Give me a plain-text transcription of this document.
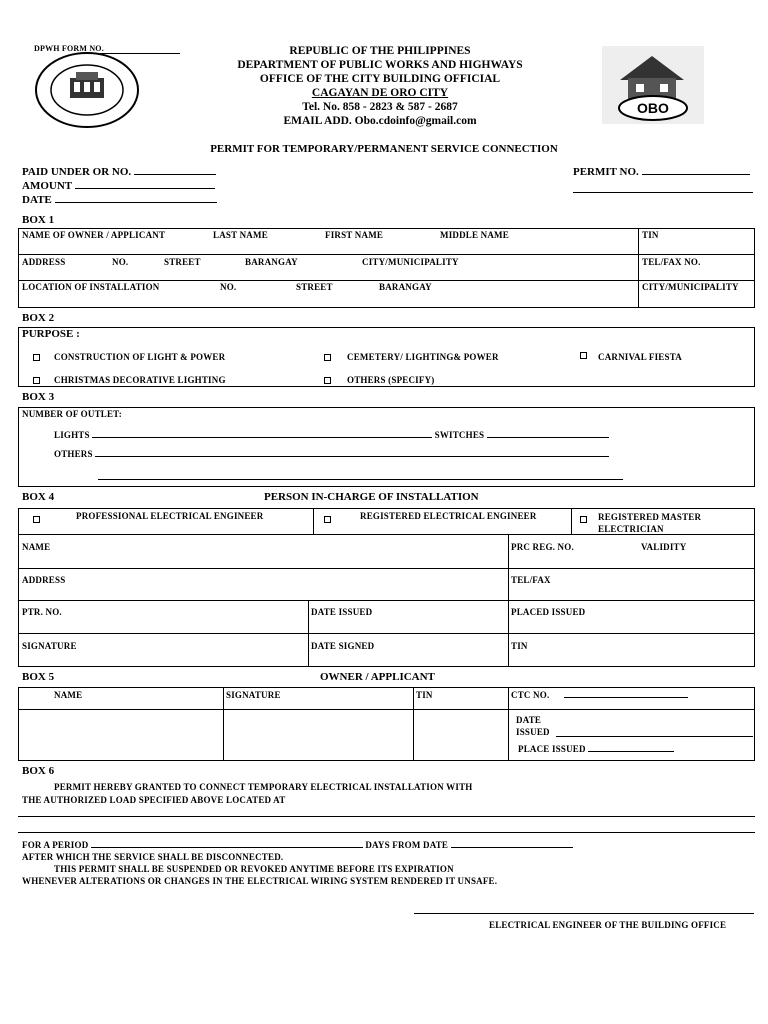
DPWH FORM NO.	REPUBLIC OF THE PHILIPPINES
DEPARTMENT OF PUBLIC WORKS AND HIGHWAYS
OFFICE OF THE CITY BUILDING OFFICIAL
CAGAYAN DE ORO CITY
Tel. No. 858 - 2823 & 587 - 2687
EMAIL ADD. Obo.cdoinfo@gmail.com
OBO
PERMIT FOR TEMPORARY/PERMANENT SERVICE CONNECTION
PAID UNDER OR NO.
AMOUNT
DATE
PERMIT NO.
BOX 1
NAME OF OWNER / APPLICANT	LAST NAME	FIRST NAME	MIDDLE NAME	TIN
ADDRESS	NO.	STREET	BARANGAY	CITY/MUNICIPALITY	TEL/FAX NO.
LOCATION OF INSTALLATION	NO.	STREET	BARANGAY	CITY/MUNICIPALITY
BOX 2
PURPOSE :
CONSTRUCTION OF LIGHT & POWER	CEMETERY/ LIGHTING& POWER	CARNIVAL FIESTA
CHRISTMAS DECORATIVE LIGHTING	OTHERS (SPECIFY)
BOX 3
NUMBER OF OUTLET:
LIGHTS	SWITCHES
OTHERS
BOX 4	PERSON IN-CHARGE OF INSTALLATION
PROFESSIONAL ELECTRICAL ENGINEER	REGISTERED ELECTRICAL ENGINEER	REGISTERED MASTER
ELECTRICIAN
NAME	PRC REG. NO.	VALIDITY
ADDRESS	TEL/FAX
PTR. NO.	DATE ISSUED	PLACED ISSUED
SIGNATURE	DATE SIGNED	TIN
BOX 5	OWNER / APPLICANT
NAME	SIGNATURE	TIN	CTC NO.
DATE
ISSUED
PLACE ISSUED
BOX 6
PERMIT HEREBY GRANTED TO CONNECT TEMPORARY ELECTRICAL INSTALLATION WITH
THE AUTHORIZED LOAD SPECIFIED ABOVE LOCATED AT
FOR A PERIOD	DAYS FROM DATE
AFTER WHICH THE SERVICE SHALL BE DISCONNECTED.
THIS PERMIT SHALL BE SUSPENDED OR REVOKED ANYTIME BEFORE ITS EXPIRATION
WHENEVER ALTERATIONS OR CHANGES IN THE ELECTRICAL WIRING SYSTEM RENDERED IT UNSAFE.
ELECTRICAL ENGINEER OF THE BUILDING OFFICE
